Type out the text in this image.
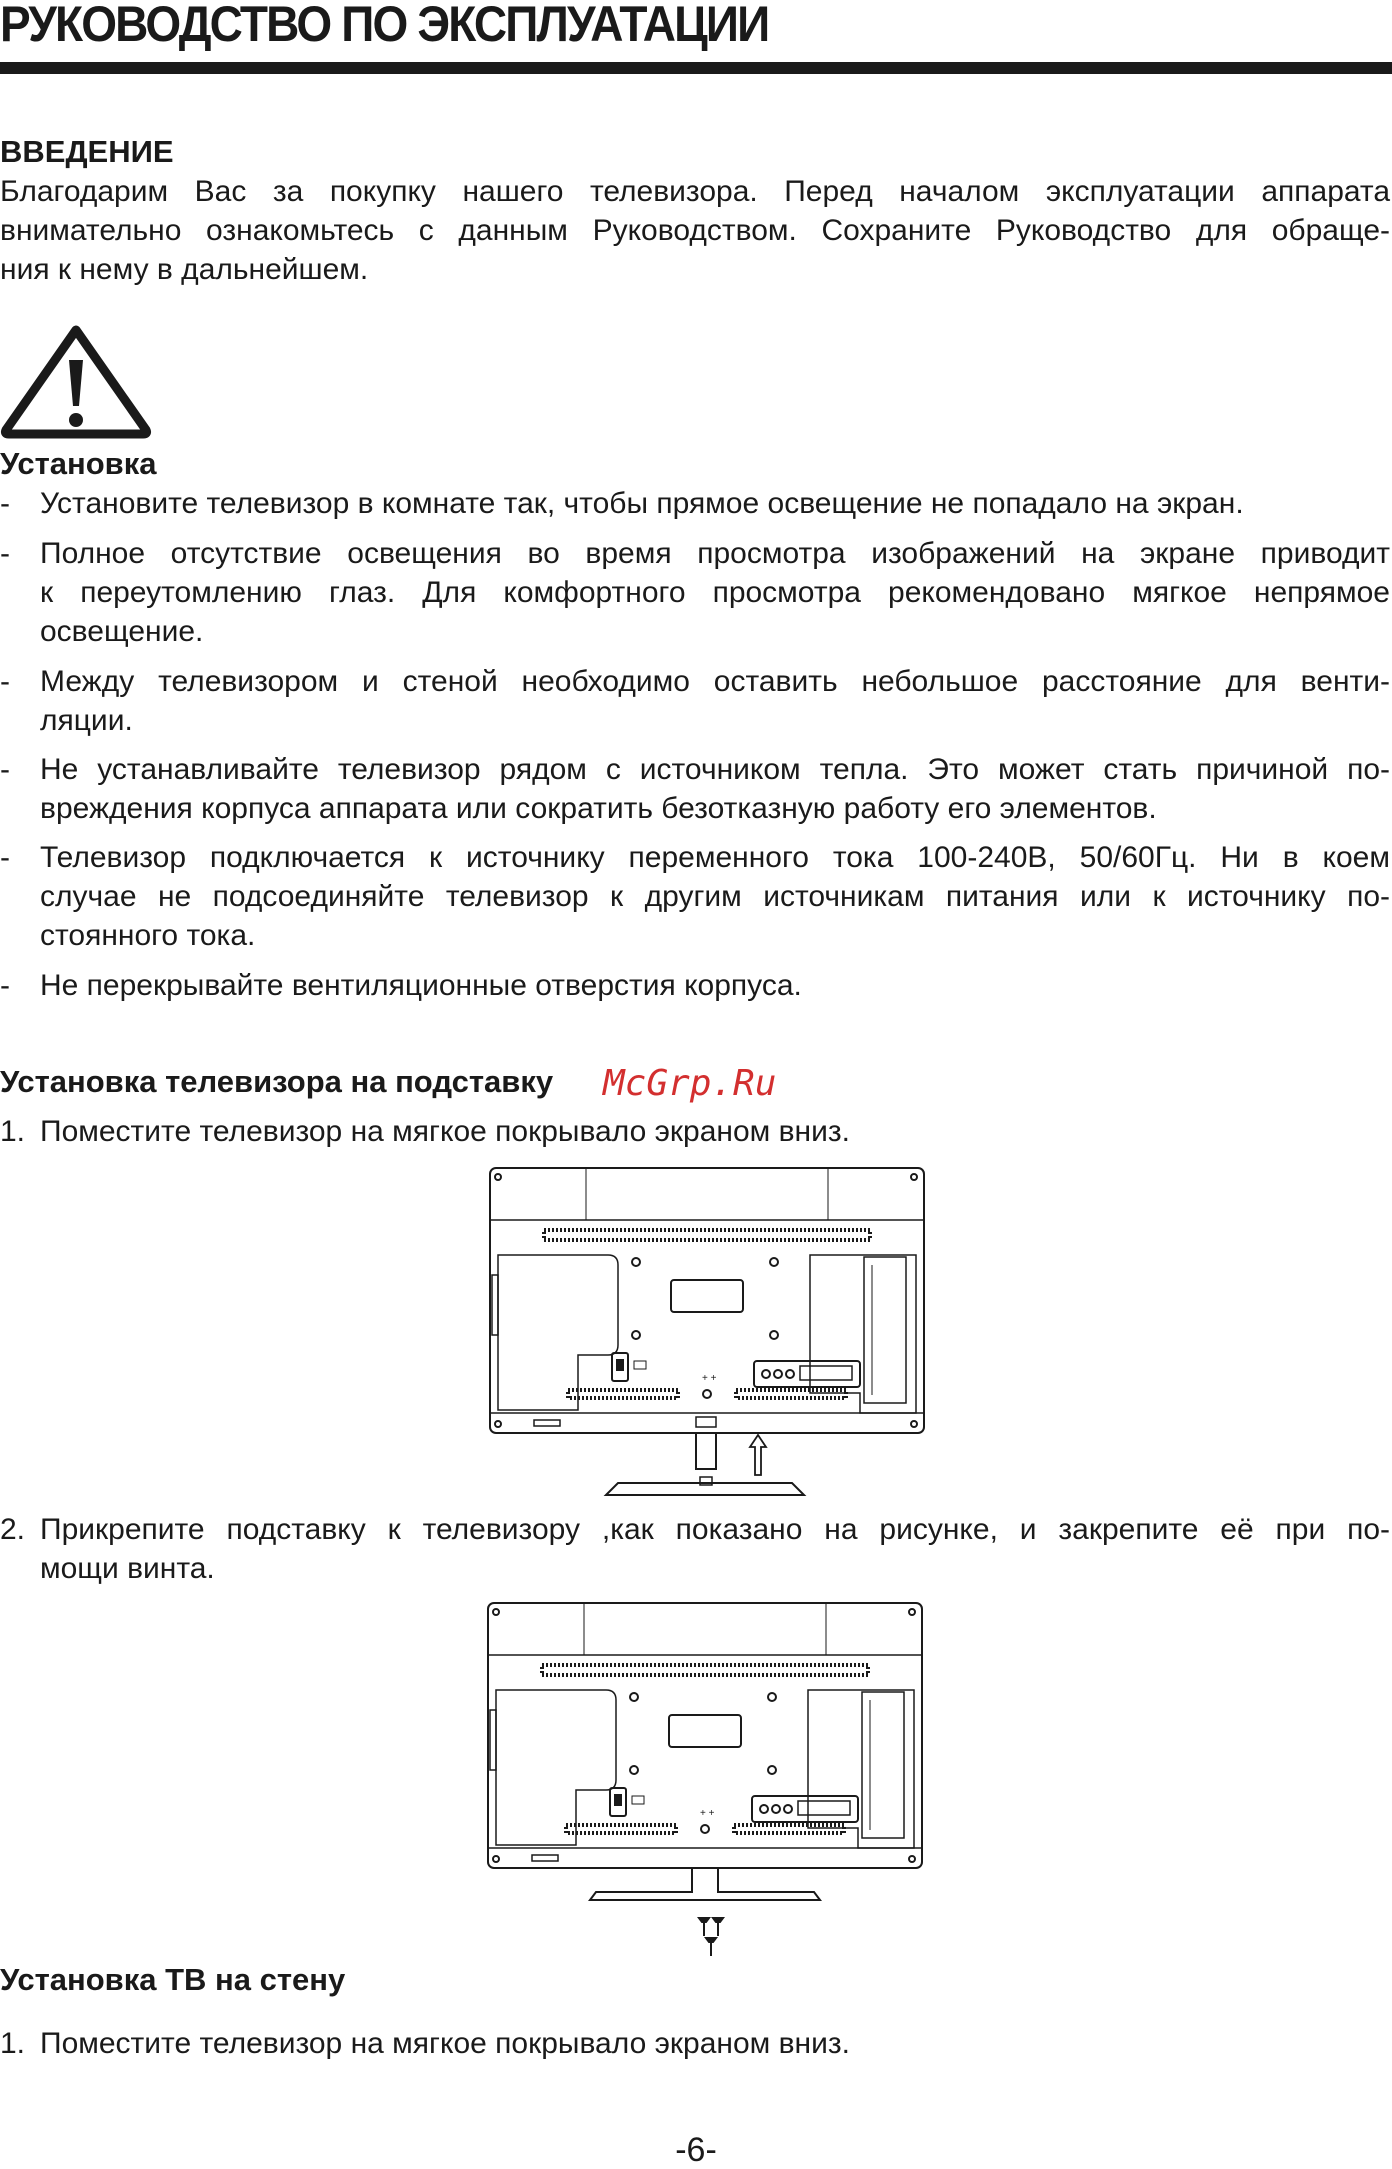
РУКОВОДСТВО ПО ЭКСПЛУАТАЦИИ
ВВЕДЕНИЕ

Благодарим Вас за покупку нашего телевизора. Перед началом эксплуатации аппарата

внимательно ознакомьтесь с данным Руководством. Сохраните Руководство для обраще-

ния к нему в дальнейшем.

Установка
-	Установите телевизор в комнате так, чтобы прямое освещение не попадало на экран.
-	Полное отсутствие освещения во время просмотра изображений на экране приводит
к переутомлению глаз. Для комфортного просмотра рекомендовано мягкое непрямое
освещение.
-	Между телевизором и стеной необходимо оставить небольшое расстояние для венти-
ляции.
-	Не устанавливайте телевизор рядом с источником тепла. Это может стать причиной по-
вреждения корпуса аппарата или сократить безотказную работу его элементов.
-	Телевизор подключается к источнику переменного тока 100-240В, 50/60Гц. Ни в коем
случае не подсоединяйте телевизор к другим источникам питания или к источнику по-
стоянного тока.
-	Не перекрывайте вентиляционные отверстия корпуса.
Установка телевизора на подставку McGrp.Ru
1. Поместите телевизор на мягкое покрывало экраном вниз.
+ +
2. Прикрепите подставку к телевизору ,как показано на рисунке, и закрепите её при по-
мощи винта.
+ +
Установка ТВ на стену
1. Поместите телевизор на мягкое покрывало экраном вниз.
-6-
